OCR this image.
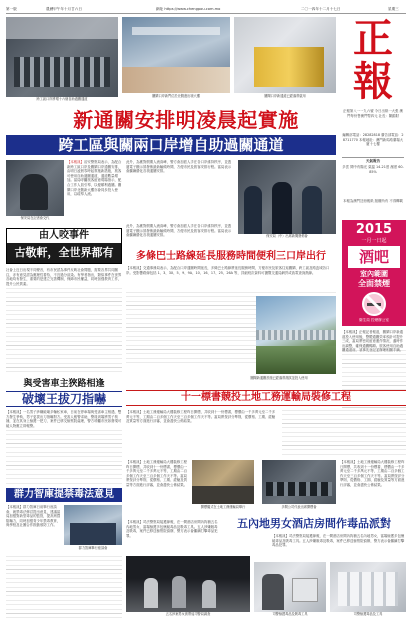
第一版	農曆甲午年十月廿六日	網址 https://www.chengpou.com.mo	二〇一四年十二月十七日	星期三
跨工區口岸將增十六個自助過關通道
關閘口岸新門位於北側進出境大樓	關閘口岸新通道已經落實啟用
正
報
正報第八一一九六號 今日出紙一大張 澳門每份售澳門幣四元 社長：陳錦財
編輯部電話：28282818 廣告部電話：28711770 本報地址：澳門新馬路廣場大廈十七樓
天氣報告
多雲 間中有陽光 氣溫 14-21度 濕度 60-85%
本報為澳門註冊報紙 版權所有 不得轉載
新通關安排明凌晨起實施
跨工區與關兩口岸增自助過關通道
保安局在記者會交代
【本報訊】治安警察局表示，為配合新跨工區口岸及關閘口岸通關安排，由明日凌晨零時起實施新措施，旅客可使用自助過關通道，通道數量增加。當局呼籲旅客留意現場指示，配合工作人員引導，以便順利過關。關閘口岸北側新大樓亦會同步投入使用，以疏導人流。
此外，為應對假期人流高峰，警方會加派人手在各口岸維持秩序，並透過電子顯示屏發佈最新輪候時間，方便市民及旅客安排行程。當局表示會繼續優化各項通關安排。
保安局（中）出席新聞發佈會
由人咬事件
古敬軒，全世界都有
社會上近日出現不同聲音，有市民認為事件反映社會問題，需要各界共同關注，亦有意見認為應理性看待，不宜過分渲染。有學者指出，類似事件在世界各地均有發生，重要的是建立完善機制，保障市民權益，同時加強教育工作，提升公民質素。
此外，為應對假期人流高峰，警方會加派人手在各口岸維持秩序，並透過電子顯示屏發佈最新輪候時間，方便市民及旅客安排行程。當局表示會繼續優化各項通關安排。
多條巴士路線延長服務時間便利三口岸出行
【本報訊】交通事務局表示，為配合口岸通關時間延長，多條巴士路線將延長服務時間，方便市民及旅客往返關閘、跨工區及路氹城各口岸。受影響路線包括 1、3、3X、5、9、9A、10、16、17、25、26A 等，詳細班次資料可瀏覽交通局網頁或致電查詢熱線。
2015
一月一日起
酒吧
室內範圍
全面禁煙
衛生局 控煙辦公室
【本報訊】正報記者報道，關閘口岸新通道投入使用後，整體通關效率預計可提升三成，當局將密切留意運作情況，適時作出調整，確保通關暢順。旅客使用自助過關通道前，須事先登記並辦理相關手續。
關閘新通關設施已經落實測試並投入使用
與受害車主狹路相逢
破壞王拔刀指嚇
【本報訊】一名男子涉嫌破壞多輛私家車，日前在停車場與受害車主相遇，雙方發生爭執，男子更拔出刀指嚇對方。受害人報警求助，警員到場將男子拘捕，並在其身上檢獲一把刀，案件已移交檢察院處理，警方呼籲市民如發現可疑人物應立即報警。
十一標書競投土地工務運輸局裝修工程
【本報訊】土地工務運輸局大樓裝修工程昨日開標，共收到十一份標書，標價由一千多萬元至二千多萬元不等，工期由二百多個工作天至三百多個工作天不等。當局將按評分準則，從價格、工期、經驗及質量等方面進行評審，並會盡快公佈結果。
開標儀式在土地工務運輸局舉行	多間公司代表出席開標會
【本報訊】土地工務運輸局大樓裝修工程昨日開標，共收到十一份標書，標價由一千多萬元至二千多萬元不等，工期由二百多個工作天至三百多個工作天不等。當局將按評分準則，從價格、工期、經驗及質量等方面進行評審，並會盡快公佈結果。
【本報訊】土地工務運輸局大樓裝修工程昨日開標，共收到十一份標書，標價由一千多萬元至二千多萬元不等，工期由二百多個工作天至三百多個工作天不等。當局將按評分準則，從價格、工期、經驗及質量等方面進行評審，並會盡快公佈結果。
群力智庫提禁毒法意見
群力智庫舉行座談會
【本報訊】群力智庫日前舉行座談會，就禁毒法修訂提出意見，建議當局加強對新型毒品的監管，提高刑罰阻嚇力，同時加強青少年禁毒教育，與學校及社團合作推動預防工作。	五內地男女酒店房間作毒品派對
【本報訊】司法警察局接獲線報，在一間酒店房間內拘捕五名內地男女，當場檢獲多包懷疑毒品及吸毒工具。五人涉嫌販毒及吸毒，案件已移送檢察院偵辦，警方表示會繼續打擊毒品犯罪。	【本報訊】司法警察局接獲線報，在一間酒店房間內拘捕五名內地男女，當場檢獲多包懷疑毒品及吸毒工具。五人涉嫌販毒及吸毒，案件已移送檢察院偵辦，警方表示會繼續打擊毒品犯罪。
五名涉案男女被帶返司警局調查	司警檢獲毒品及吸毒工具	司警檢獲毒品及工具
